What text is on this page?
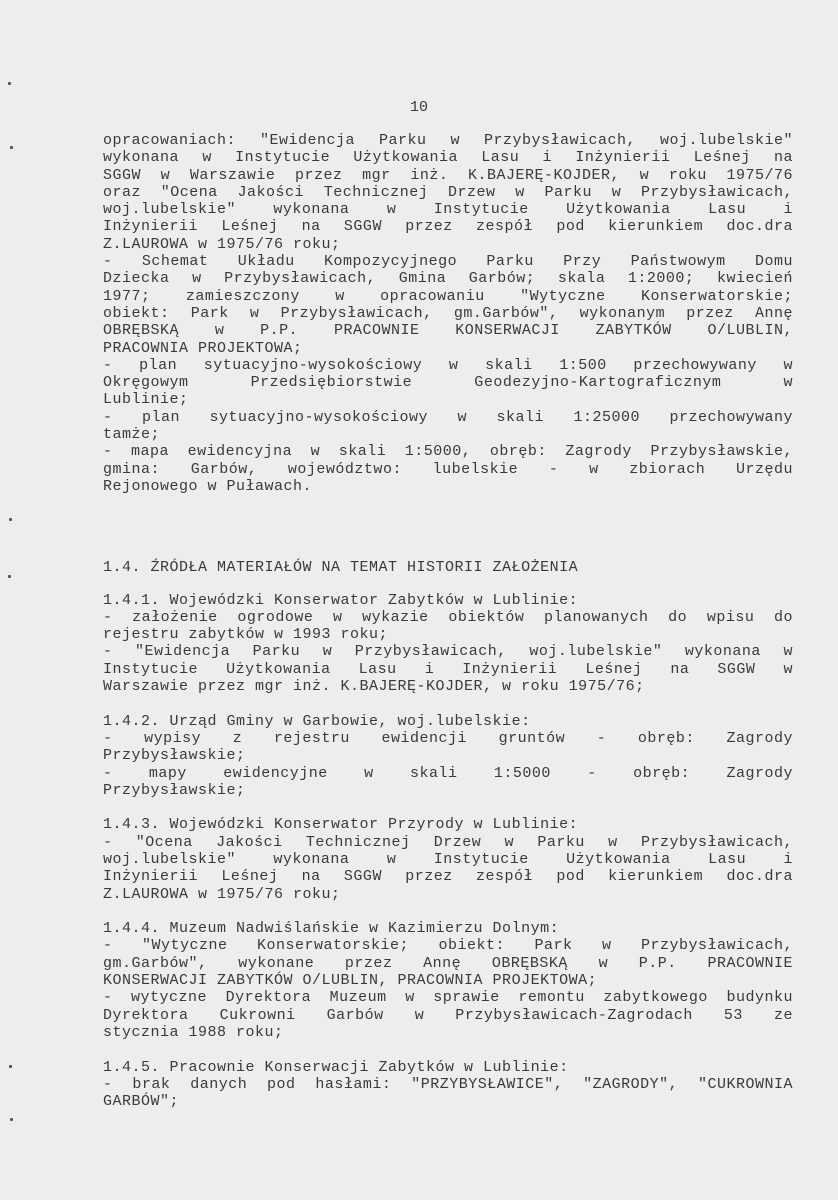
10
opracowaniach: "Ewidencja Parku w Przybysławicach, woj.lubelskie"
wykonana w Instytucie Użytkowania Lasu i Inżynierii Leśnej na
SGGW w Warszawie przez mgr inż. K.BAJERĘ-KOJDER, w roku 1975/76
oraz "Ocena Jakości Technicznej Drzew w Parku w Przybysławicach,
woj.lubelskie" wykonana w Instytucie Użytkowania Lasu i
Inżynierii Leśnej na SGGW przez zespół pod kierunkiem doc.dra
Z.LAUROWA w 1975/76 roku;
- Schemat Układu Kompozycyjnego Parku Przy Państwowym Domu
Dziecka w Przybysławicach, Gmina Garbów; skala 1:2000; kwiecień
1977; zamieszczony w opracowaniu "Wytyczne Konserwatorskie;
obiekt: Park w Przybysławicach, gm.Garbów", wykonanym przez Annę
OBRĘBSKĄ w P.P. PRACOWNIE KONSERWACJI ZABYTKÓW O/LUBLIN,
PRACOWNIA PROJEKTOWA;
- plan sytuacyjno-wysokościowy w skali 1:500 przechowywany w
Okręgowym Przedsiębiorstwie Geodezyjno-Kartograficznym w
Lublinie;
- plan sytuacyjno-wysokościowy w skali 1:25000 przechowywany
tamże;
- mapa ewidencyjna w skali 1:5000, obręb: Zagrody Przybysławskie,
gmina: Garbów, województwo: lubelskie - w zbiorach Urzędu
Rejonowego w Puławach.
1.4. ŹRÓDŁA MATERIAŁÓW NA TEMAT HISTORII ZAŁOŻENIA
1.4.1. Wojewódzki Konserwator Zabytków w Lublinie:
- założenie ogrodowe w wykazie obiektów planowanych do wpisu do
rejestru zabytków w 1993 roku;
- "Ewidencja Parku w Przybysławicach, woj.lubelskie" wykonana w
Instytucie Użytkowania Lasu i Inżynierii Leśnej na SGGW w
Warszawie przez mgr inż. K.BAJERĘ-KOJDER, w roku 1975/76;
1.4.2. Urząd Gminy w Garbowie, woj.lubelskie:
- wypisy z rejestru ewidencji gruntów - obręb: Zagrody
Przybysławskie;
- mapy ewidencyjne w skali 1:5000 - obręb: Zagrody
Przybysławskie;
1.4.3. Wojewódzki Konserwator Przyrody w Lublinie:
- "Ocena Jakości Technicznej Drzew w Parku w Przybysławicach,
woj.lubelskie" wykonana w Instytucie Użytkowania Lasu i
Inżynierii Leśnej na SGGW przez zespół pod kierunkiem doc.dra
Z.LAUROWA w 1975/76 roku;
1.4.4. Muzeum Nadwiślańskie w Kazimierzu Dolnym:
- "Wytyczne Konserwatorskie; obiekt: Park w Przybysławicach,
gm.Garbów", wykonane przez Annę OBRĘBSKĄ w P.P. PRACOWNIE
KONSERWACJI ZABYTKÓW O/LUBLIN, PRACOWNIA PROJEKTOWA;
- wytyczne Dyrektora Muzeum w sprawie remontu zabytkowego budynku
Dyrektora Cukrowni Garbów w Przybysławicach-Zagrodach 53 ze
stycznia 1988 roku;
1.4.5. Pracownie Konserwacji Zabytków w Lublinie:
- brak danych pod hasłami: "PRZYBYSŁAWICE", "ZAGRODY", "CUKROWNIA
GARBÓW";
